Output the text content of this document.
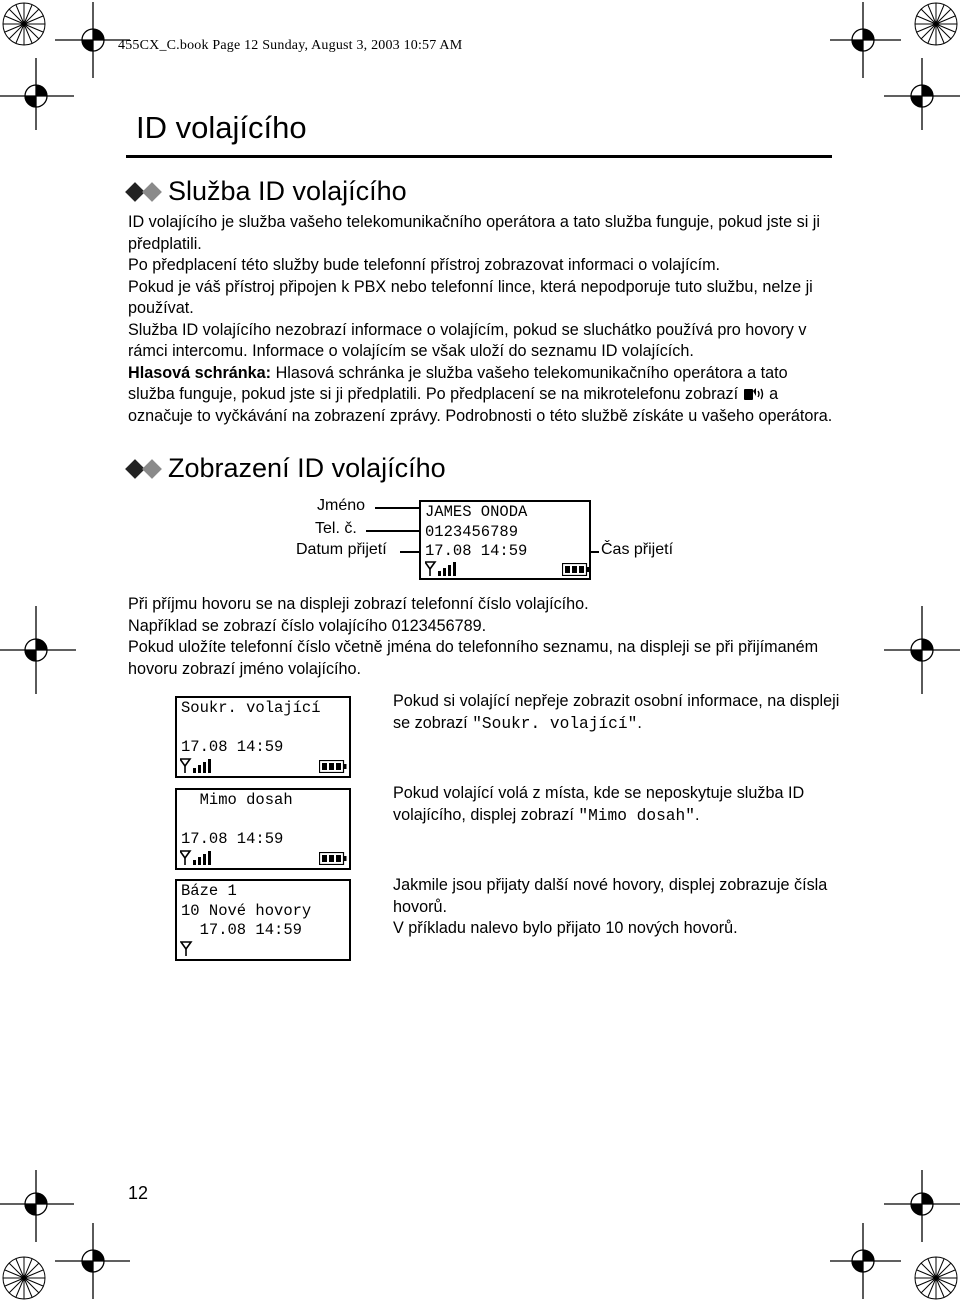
455CX_C.book Page 12 Sunday, August 3, 2003 10:57 AM
ID volajícího
Služba ID volajícího

ID volajícího je služba vašeho telekomunikačního operátora a tato služba funguje, pokud jste si ji předplatili.

Po předplacení této služby bude telefonní přístroj zobrazovat informaci o volajícím.

Pokud je váš přístroj připojen k PBX nebo telefonní lince, která nepodporuje tuto službu, nelze ji používat.

Služba ID volajícího nezobrazí informace o volajícím, pokud se sluchátko používá pro hovory v rámci intercomu. Informace o volajícím se však uloží do seznamu ID volajících.

Hlasová schránka: Hlasová schránka je služba vašeho telekomunikačního operátora a tato služba funguje, pokud jste si ji předplatili. Po předplacení se na mikrotelefonu zobrazí  a označuje to vyčkávání na zobrazení zprávy. Podrobnosti o této službě získáte u vašeho operátora.

Zobrazení ID volajícího
Jméno
Tel. č.
Datum přijetí	Čas přijetí
JAMES ONODA
0123456789
17.08 14:59

Při příjmu hovoru se na displeji zobrazí telefonní číslo volajícího.

Například se zobrazí číslo volajícího 0123456789.

Pokud uložíte telefonní číslo včetně jména do telefonního seznamu, na displeji se při přijímaném hovoru zobrazí jméno volajícího.

Soukr. volající
17.08 14:59

Pokud si volající nepřeje zobrazit osobní informace, na displeji se zobrazí "Soukr. volající".

Mimo dosah
17.08 14:59

Pokud volající volá z místa, kde se neposkytuje služba ID volajícího, displej zobrazí "Mimo dosah".

Báze 1
10 Nové hovory
17.08 14:59

Jakmile jsou přijaty další nové hovory, displej zobrazuje čísla hovorů.

V příkladu nalevo bylo přijato 10 nových hovorů.

12
